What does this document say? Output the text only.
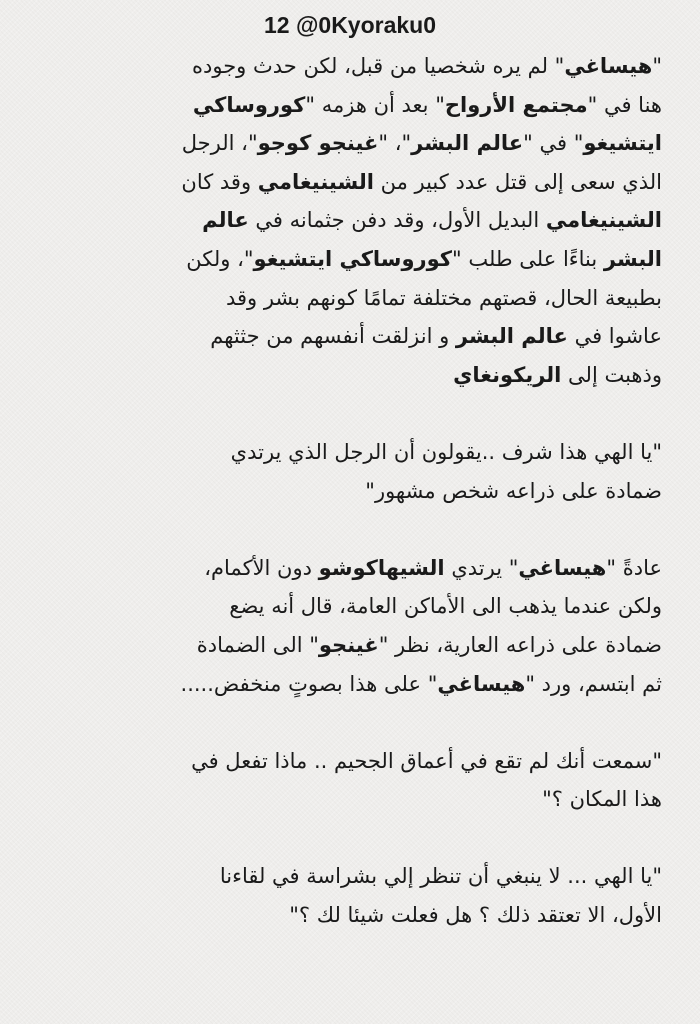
12 @0Kyoraku0
"هيساغي" لم يره شخصيا من قبل، لكن حدث وجوده
هنا في "مجتمع الأرواح" بعد أن هزمه "كوروساكي
ايتشيغو" في "عالم البشر"، "غينجو كوجو"، الرجل
الذي سعى إلى قتل عدد كبير من الشينيغامي وقد كان
الشينيغامي البديل الأول، وقد دفن جثمانه في عالم
البشر بناءًا على طلب "كوروساكي ايتشيغو"، ولكن
بطبيعة الحال، قصتهم مختلفة تمامًا كونهم بشر وقد
عاشوا في عالم البشر و انزلقت أنفسهم من جثثهم
وذهبت إلى الريكونغاي
"يا الهي هذا شرف ..يقولون أن الرجل الذي يرتدي
ضمادة على ذراعه شخص مشهور"
عادةً "هيساغي" يرتدي الشيهاكوشو دون الأكمام،
ولكن عندما يذهب الى الأماكن العامة، قال أنه يضع
ضمادة على ذراعه العارية، نظر "غينجو" الى الضمادة
ثم ابتسم، ورد "هيساغي" على هذا بصوتٍ منخفض.....
"سمعت أنك لم تقع في أعماق الجحيم .. ماذا تفعل في
هذا المكان ؟"
"يا الهي ... لا ينبغي أن تنظر إلي بشراسة في لقاءنا
الأول، الا تعتقد ذلك ؟ هل فعلت شيئا لك ؟"
